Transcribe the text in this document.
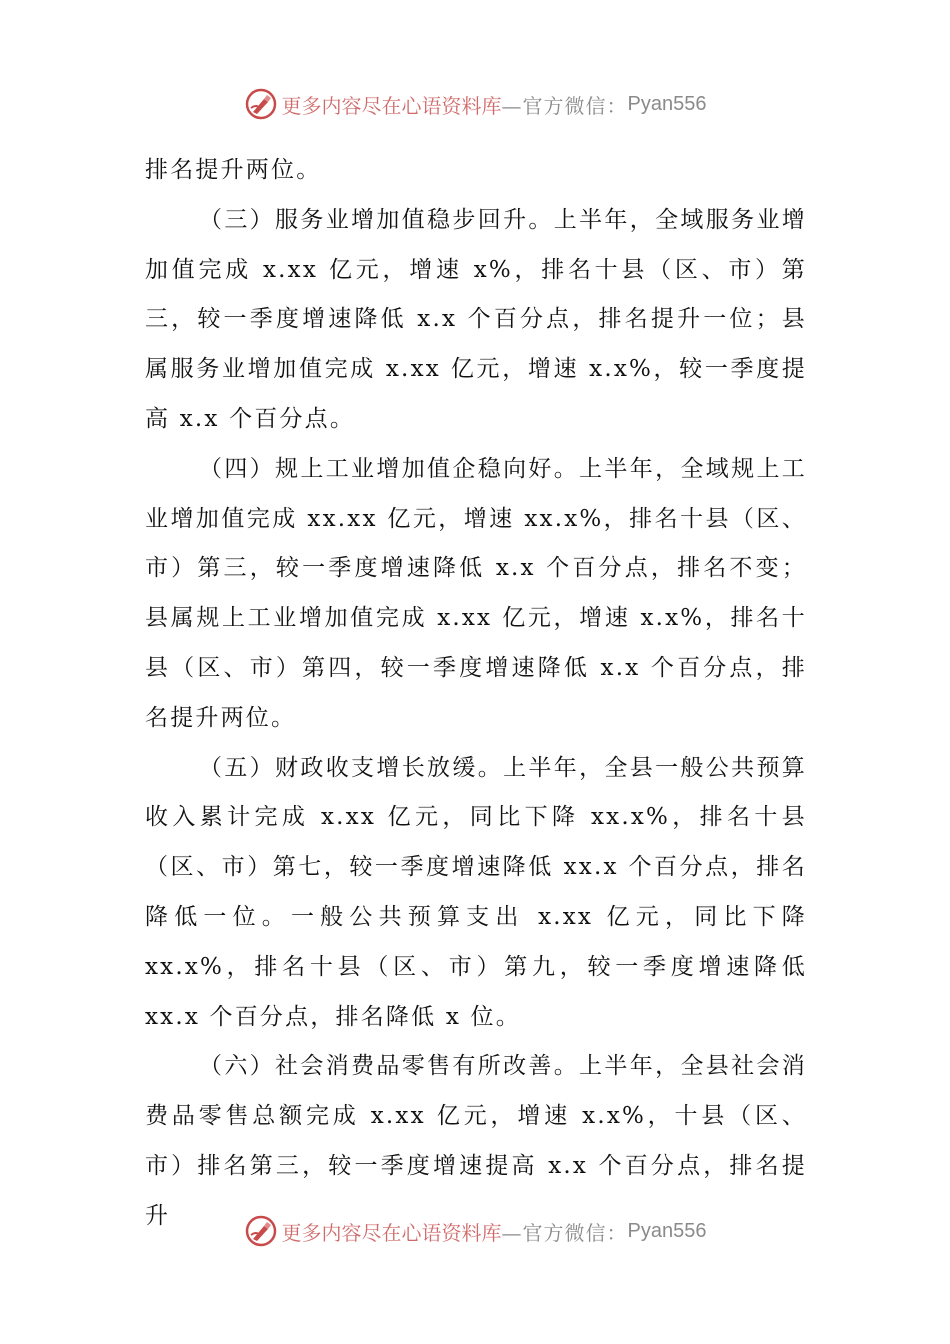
更多内容尽在心语资料库 —官方微信： Pyan556

排名提升两位。

（三）服务业增加值稳步回升。上半年，全域服务业增加值完成 x.xx 亿元，增速 x%，排名十县（区、市）第三，较一季度增速降低 x.x 个百分点，排名提升一位；县属服务业增加值完成 x.xx 亿元，增速 x.x%，较一季度提高 x.x 个百分点。

（四）规上工业增加值企稳向好。上半年，全域规上工业增加值完成 xx.xx 亿元，增速 xx.x%，排名十县（区、市）第三，较一季度增速降低 x.x 个百分点，排名不变；县属规上工业增加值完成 x.xx 亿元，增速 x.x%，排名十县（区、市）第四，较一季度增速降低 x.x 个百分点，排名提升两位。

（五）财政收支增长放缓。上半年，全县一般公共预算收入累计完成 x.xx 亿元，同比下降 xx.x%，排名十县（区、市）第七，较一季度增速降低 xx.x 个百分点，排名降低一位。一般公共预算支出 x.xx 亿元，同比下降 xx.x%，排名十县（区、市）第九，较一季度增速降低 xx.x 个百分点，排名降低 x 位。

（六）社会消费品零售有所改善。上半年，全县社会消费品零售总额完成 x.xx 亿元，增速 x.x%，十县（区、市）排名第三，较一季度增速提高 x.x 个百分点，排名提升

更多内容尽在心语资料库 —官方微信： Pyan556
